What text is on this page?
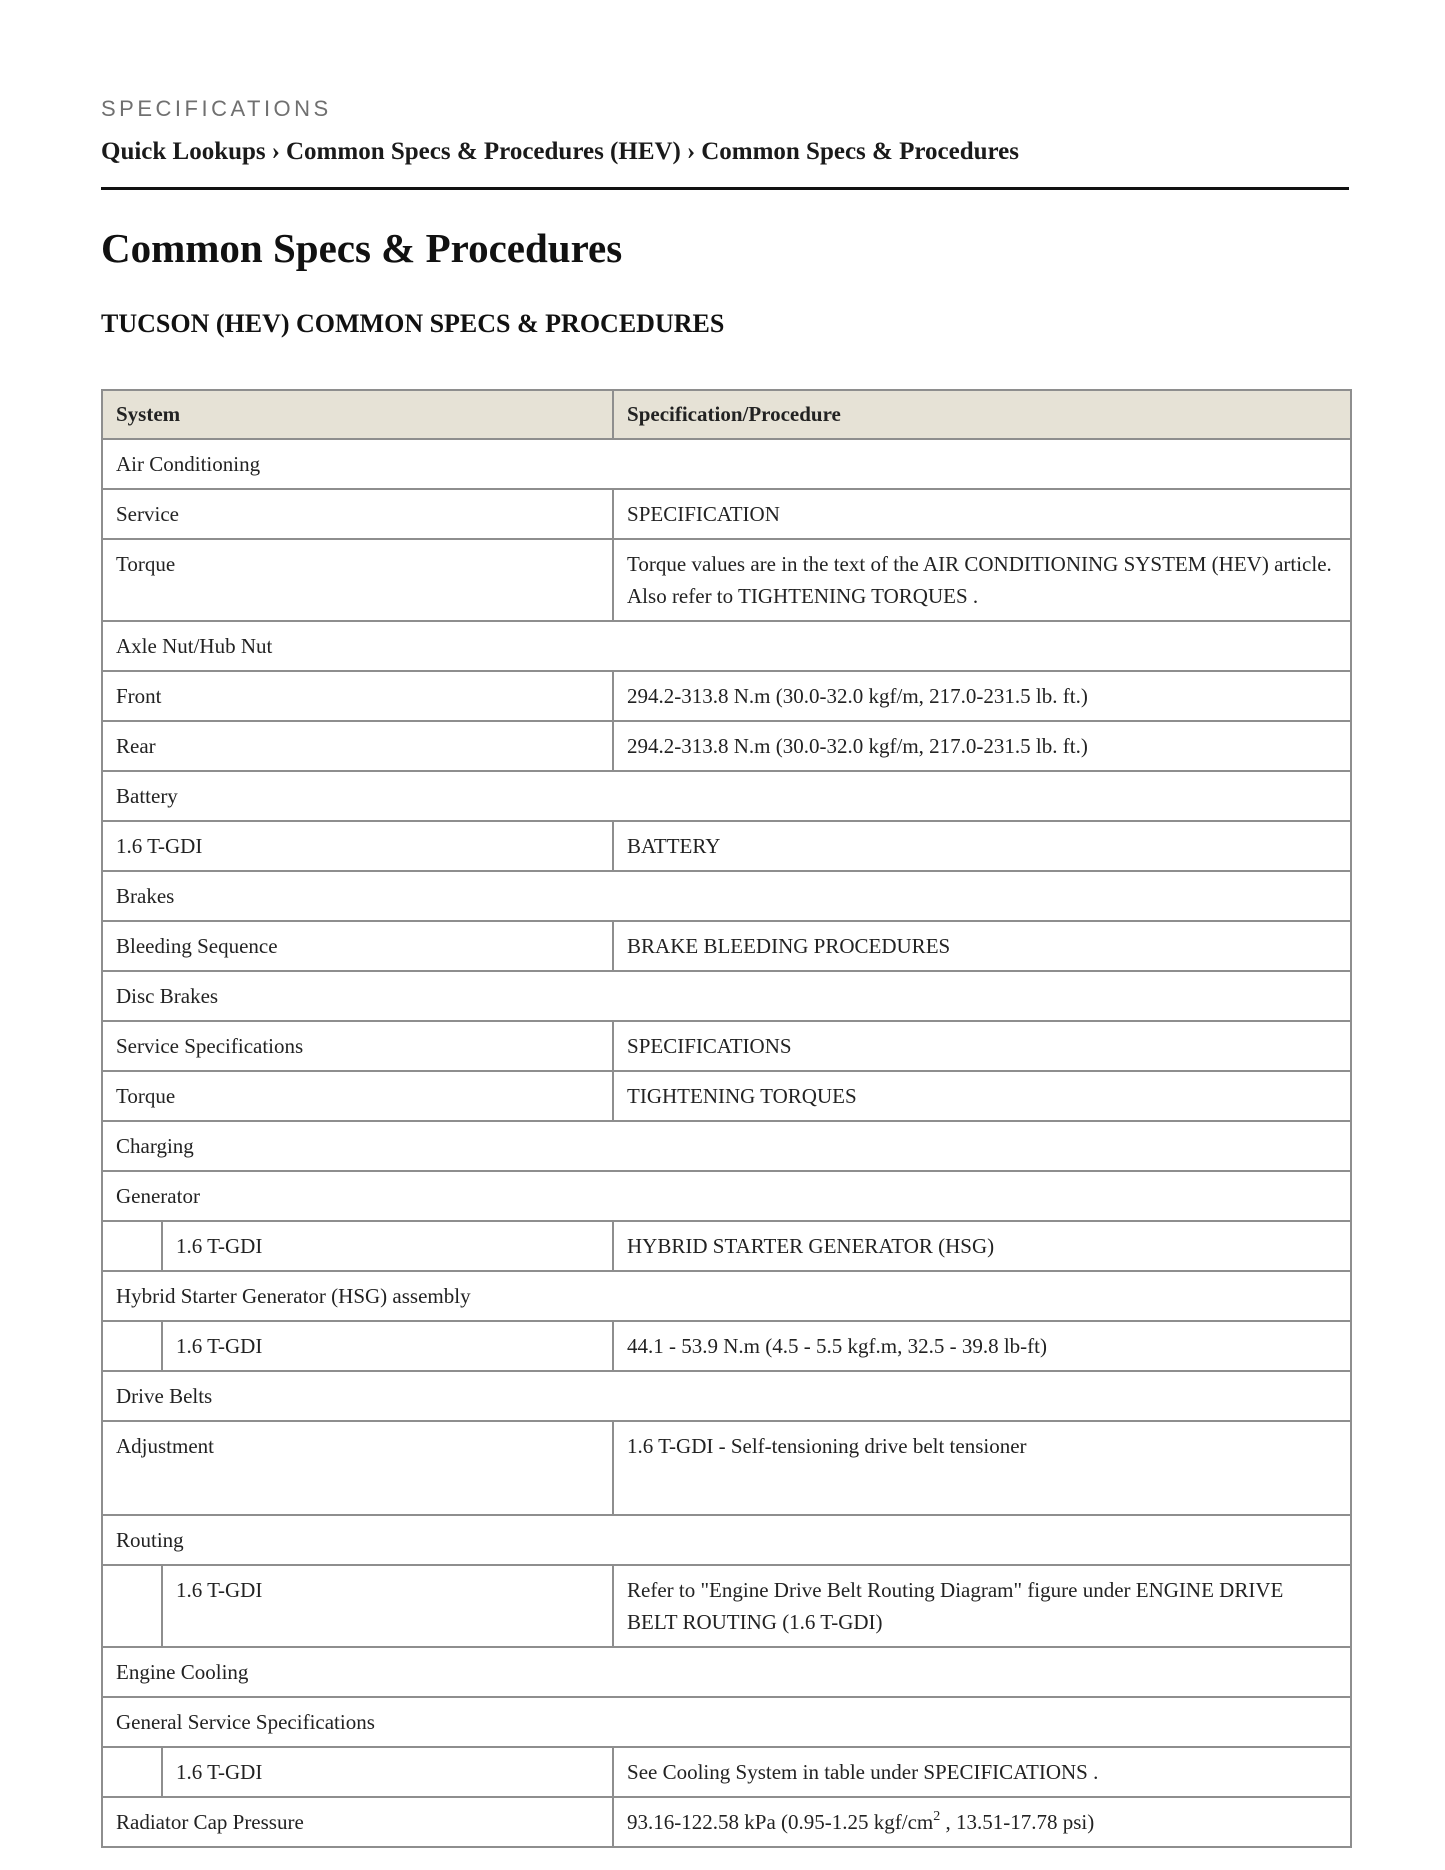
SPECIFICATIONS

Quick Lookups › Common Specs & Procedures (HEV) › Common Specs & Procedures

Common Specs & Procedures
TUCSON (HEV) COMMON SPECS & PROCEDURES
System		Specification/Procedure
Air Conditioning		
Service		SPECIFICATION
Torque		Torque values are in the text of the AIR CONDITIONING SYSTEM (HEV) article. Also refer to TIGHTENING TORQUES .
Axle Nut/Hub Nut		
Front		294.2-313.8 N.m (30.0-32.0 kgf/m, 217.0-231.5 lb. ft.)
Rear		294.2-313.8 N.m (30.0-32.0 kgf/m, 217.0-231.5 lb. ft.)
Battery		
1.6 T-GDI		BATTERY
Brakes		
Bleeding Sequence		BRAKE BLEEDING PROCEDURES
Disc Brakes		
Service Specifications		SPECIFICATIONS
Torque		TIGHTENING TORQUES
Charging		
Generator		
	1.6 T-GDI	HYBRID STARTER GENERATOR (HSG)
Hybrid Starter Generator (HSG) assembly		
	1.6 T-GDI	44.1 - 53.9 N.m (4.5 - 5.5 kgf.m, 32.5 - 39.8 lb-ft)
Drive Belts		
Adjustment		1.6 T-GDI - Self-tensioning drive belt tensioner
Routing		
	1.6 T-GDI	Refer to "Engine Drive Belt Routing Diagram" figure under ENGINE DRIVE BELT ROUTING (1.6 T-GDI)
Engine Cooling		
General Service Specifications		
	1.6 T-GDI	See Cooling System in table under SPECIFICATIONS .
Radiator Cap Pressure		93.16-122.58 kPa (0.95-1.25 kgf/$cm^2$ , 13.51-17.78 psi)
